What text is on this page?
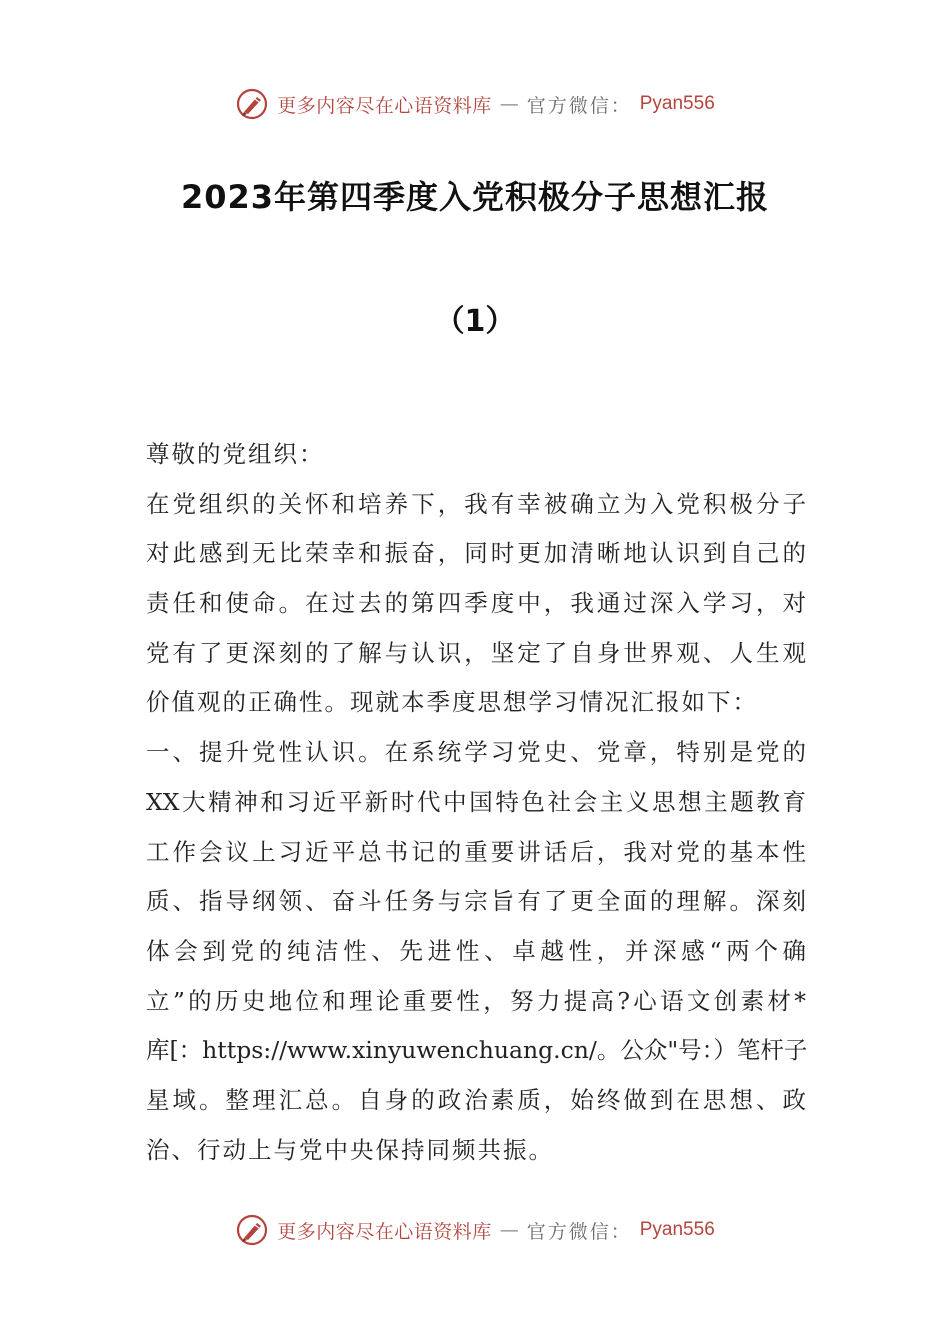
更多内容尽在心语资料库 — 官方微信： Pyan556
2023年第四季度入党积极分子思想汇报
（1）
尊敬的党组织：
在党组织的关怀和培养下，我有幸被确立为入党积极分子
对此感到无比荣幸和振奋，同时更加清晰地认识到自己的
责任和使命。在过去的第四季度中，我通过深入学习，对
党有了更深刻的了解与认识，坚定了自身世界观、人生观
价值观的正确性。现就本季度思想学习情况汇报如下：
一、提升党性认识。在系统学习党史、党章，特别是党的
XX大精神和习近平新时代中国特色社会主义思想主题教育
工作会议上习近平总书记的重要讲话后，我对党的基本性
质、指导纲领、奋斗任务与宗旨有了更全面的理解。深刻
体会到党的纯洁性、先进性、卓越性，并深感“两个确
立”的历史地位和理论重要性，努力提高?心语文创素材*
库[：https://www.xinyuwenchuang.cn/。公众"号：）笔杆子
星域。整理汇总。自身的政治素质，始终做到在思想、政
治、行动上与党中央保持同频共振。
更多内容尽在心语资料库 — 官方微信： Pyan556
